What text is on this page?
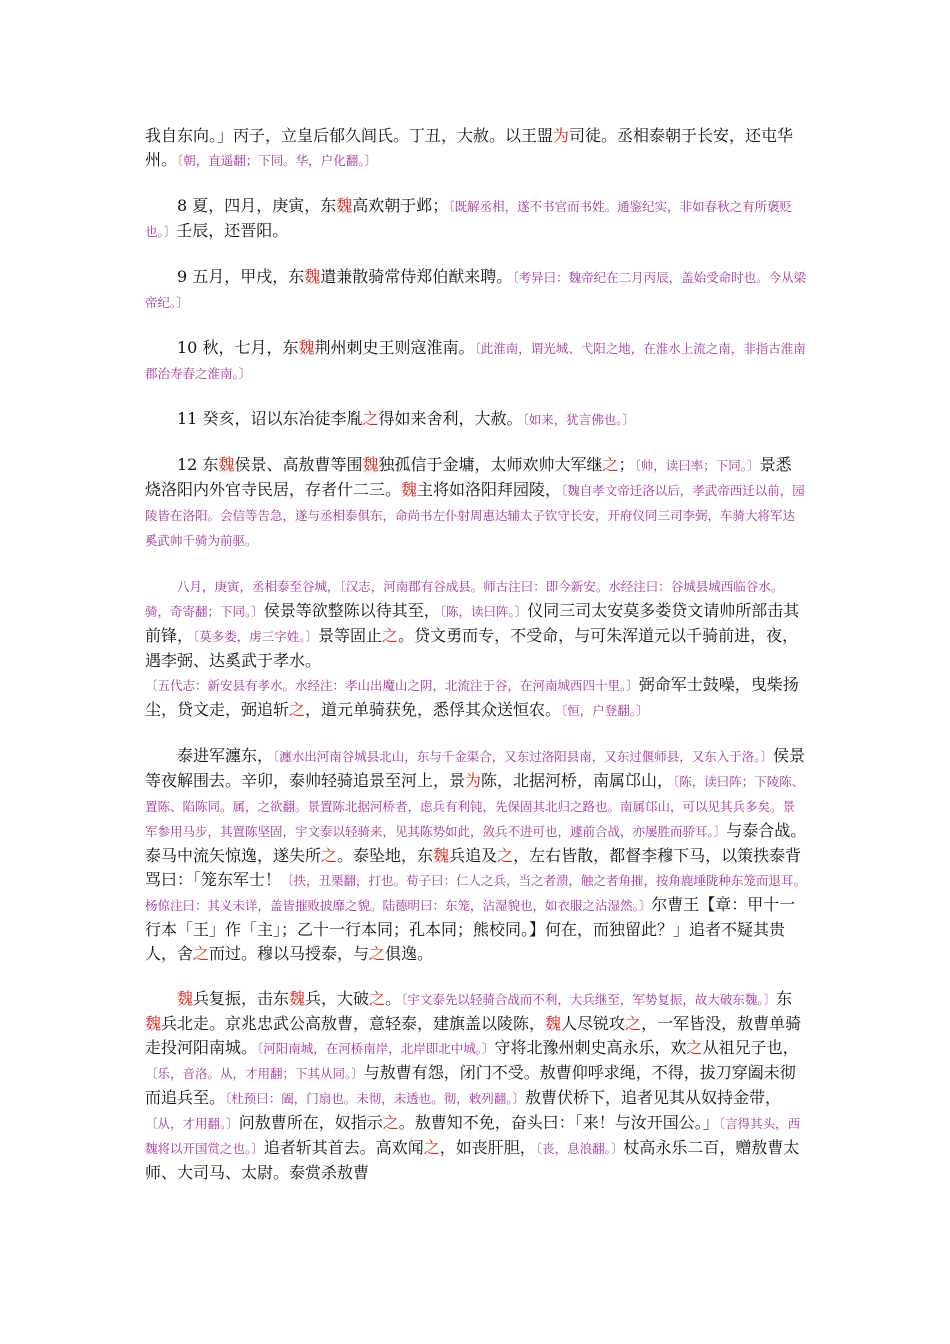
我自东向。」丙子，立皇后郁久闾氏。丁丑，大赦。以王盟为司徒。丞相泰朝于长安，还屯华州。〔朝，直遥翻；下同。华，户化翻。〕

8 夏，四月，庚寅，东魏高欢朝于邺；〔既解丞相，遂不书官而书姓。通鉴纪实，非如春秋之有所褒贬也。〕壬辰，还晋阳。

9 五月，甲戌，东魏遣兼散骑常侍郑伯猷来聘。〔考异曰：魏帝纪在二月丙辰，盖始受命时也。今从梁帝纪。〕

10 秋，七月，东魏荆州刺史王则寇淮南。〔此淮南，谓光城、弋阳之地，在淮水上流之南，非指古淮南郡治寿春之淮南。〕

11 癸亥，诏以东冶徒李胤之得如来舍利，大赦。〔如来，犹言佛也。〕

12 东魏侯景、高敖曹等围魏独孤信于金墉，太师欢帅大军继之；〔帅，读曰率；下同。〕景悉烧洛阳内外官寺民居，存者什二三。魏主将如洛阳拜园陵，〔魏自孝文帝迁洛以后，孝武帝西迁以前，园陵皆在洛阳。会信等告急，遂与丞相泰俱东，命尚书左仆射周惠达辅太子钦守长安，开府仪同三司李弼，车骑大将军达奚武帅千骑为前驱。

八月，庚寅，丞相泰至谷城，〔汉志，河南郡有谷成县。师古注曰：即今新安。水经注曰：谷城县城西临谷水。骑，奇寄翻；下同。〕侯景等欲整陈以待其至，〔陈，读曰阵。〕仪同三司太安莫多娄贷文请帅所部击其前锋，〔莫多娄，虏三字姓。〕景等固止之。贷文勇而专，不受命，与可朱浑道元以千骑前进，夜，遇李弼、达奚武于孝水。〔五代志：新安县有孝水。水经注：孝山出魔山之阴，北流注于谷，在河南城西四十里。〕弼命军士鼓噪，曳柴扬尘，贷文走，弼追斩之，道元单骑获免，悉俘其众送恒农。〔恒，户登翻。〕

泰进军瀍东，〔瀍水出河南谷城县北山，东与千金渠合，又东过洛阳县南，又东过偃师县，又东入于洛。〕侯景等夜解围去。辛卯，泰帅轻骑追景至河上，景为陈，北据河桥，南属邙山，〔陈，读曰阵；下陵陈、置陈、陷陈同。属，之欲翻。景置陈北据河桥者，虑兵有利钝，先保固其北归之路也。南属邙山，可以见其兵多矣。景军参用马步，其置陈坚固，宇文泰以轻骑来，见其陈势如此，敛兵不进可也，遽前合战，亦屡胜而骄耳。〕与泰合战。泰马中流矢惊逸，遂失所之。泰坠地，东魏兵追及之，左右皆散，都督李穆下马，以策抶泰背骂曰：「笼东军士！〔抶，丑栗翻，打也。荀子曰：仁人之兵，当之者溃，触之者角摧，按角鹿埵陇种东笼而退耳。杨倞注曰：其义未详，盖皆摧败披靡之貌。陆德明曰：东笼，沾湿貌也，如衣服之沾湿然。〕尔曹王【章：甲十一行本「王」作「主」；乙十一行本同；孔本同；熊校同。】何在，而独留此？」追者不疑其贵人，舍之而过。穆以马授泰，与之俱逸。

魏兵复振，击东魏兵，大破之。〔宇文泰先以轻骑合战而不利，大兵继至，军势复振，故大破东魏。〕东魏兵北走。京兆忠武公高敖曹，意轻泰，建旗盖以陵陈，魏人尽锐攻之，一军皆没，敖曹单骑走投河阳南城。〔河阳南城，在河桥南岸，北岸即北中城。〕守将北豫州刺史高永乐，欢之从祖兄子也，〔乐，音洛。从，才用翻；下其从同。〕与敖曹有怨，闭门不受。敖曹仰呼求绳，不得，拔刀穿阖未彻而追兵至。〔杜预曰：阖，门扇也。未彻，未透也。彻，敕列翻。〕敖曹伏桥下，追者见其从奴持金带，〔从，才用翻。〕问敖曹所在，奴指示之。敖曹知不免，奋头曰：「来！与汝开国公。」〔言得其头，西魏将以开国赏之也。〕追者斩其首去。高欢闻之，如丧肝胆，〔丧，息浪翻。〕杖高永乐二百，赠敖曹太师、大司马、太尉。泰赏杀敖曹
